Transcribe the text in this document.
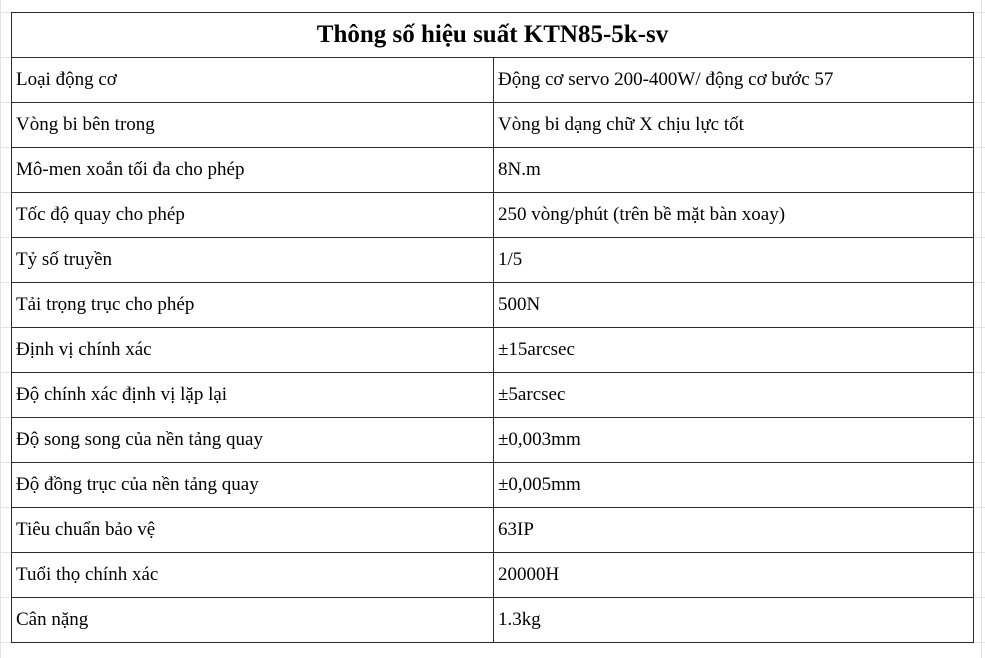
Thông số hiệu suất KTN85-5k-sv	
Loại động cơ	Động cơ servo 200-400W/ động cơ bước 57
Vòng bi bên trong	Vòng bi dạng chữ X chịu lực tốt
Mô-men xoắn tối đa cho phép	8N.m
Tốc độ quay cho phép	250 vòng/phút (trên bề mặt bàn xoay)
Tỷ số truyền	1/5
Tải trọng trục cho phép	500N
Định vị chính xác	±15arcsec
Độ chính xác định vị lặp lại	±5arcsec
Độ song song của nền tảng quay	±0,003mm
Độ đồng trục của nền tảng quay	±0,005mm
Tiêu chuẩn bảo vệ	63IP
Tuổi thọ chính xác	20000H
Cân nặng	1.3kg
